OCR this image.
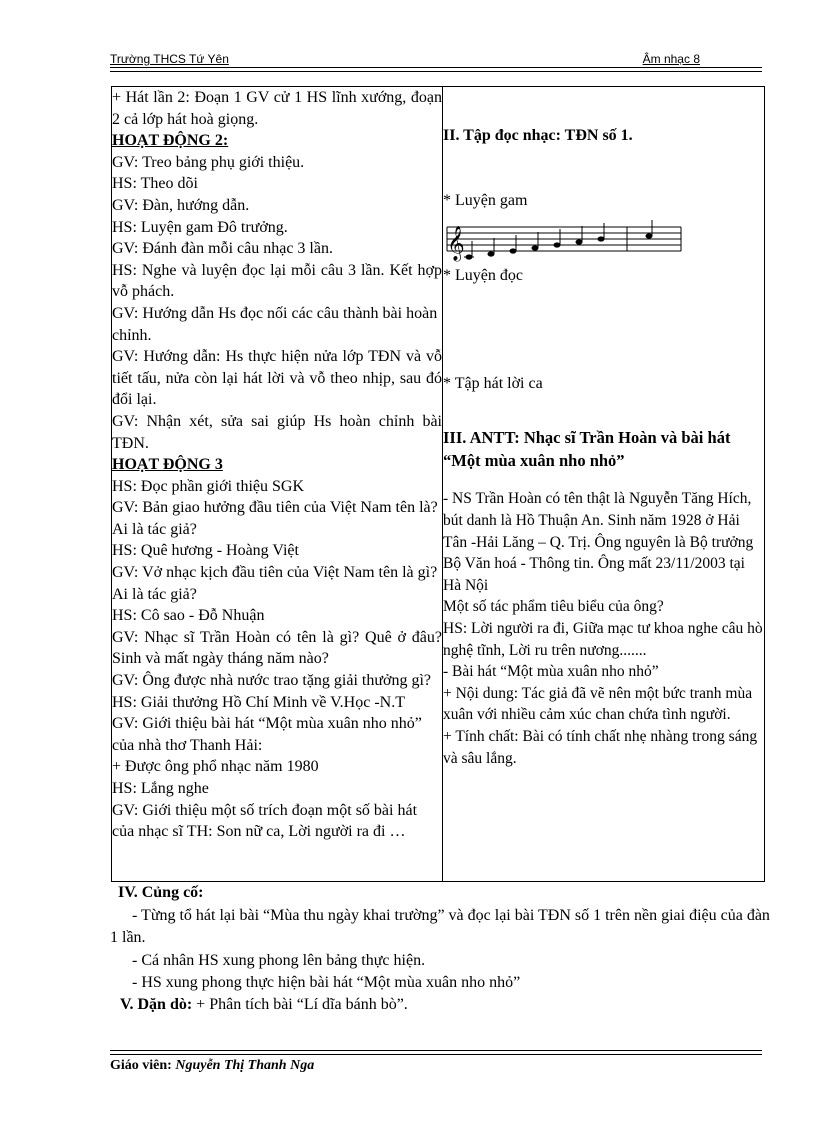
Trường THCS Tứ Yên	Âm nhạc 8
+ Hát lần 2: Đoạn 1 GV cử 1 HS lĩnh xướng, đoạn 2 cả lớp hát hoà giọng.
HOẠT ĐỘNG 2:
GV: Treo bảng phụ giới thiệu.
HS: Theo dõi
GV: Đàn, hướng dẫn.
HS: Luyện gam Đô trưởng.
GV: Đánh đàn mỗi câu nhạc 3 lần.
HS: Nghe và luyện đọc lại mỗi câu 3 lần. Kết hợp vỗ phách.
GV: Hướng dẫn Hs đọc nối các câu thành bài hoàn chỉnh.
GV: Hướng dẫn: Hs thực hiện nửa lớp TĐN và vỗ tiết tấu, nửa còn lại hát lời và vỗ theo nhịp, sau đó đổi lại.
GV: Nhận xét, sửa sai giúp Hs hoàn chỉnh bài TĐN.
HOẠT ĐỘNG 3
HS: Đọc phần giới thiệu SGK
GV: Bản giao hưởng đầu tiên của Việt Nam tên là? Ai là tác giả?
HS: Quê hương - Hoàng Việt
GV: Vở nhạc kịch đầu tiên của Việt Nam tên là gì? Ai là tác giả?
HS: Cô sao - Đỗ Nhuận
GV: Nhạc sĩ Trần Hoàn có tên là gì? Quê ở đâu? Sinh và mất ngày tháng năm nào?
GV: Ông được nhà nước trao tặng giải thưởng gì?
HS: Giải thưởng Hồ Chí Minh về V.Học -N.T
GV: Giới thiệu bài hát “Một mùa xuân nho nhỏ” của nhà thơ Thanh Hải:
+ Được ông phổ nhạc năm 1980
HS: Lắng nghe
GV: Giới thiệu một số trích đoạn một số bài hát của nhạc sĩ TH: Son nữ ca, Lời người ra đi …

II. Tập đọc nhạc: TĐN số 1.
* Luyện gam
𝄞
* Luyện đọc
* Tập hát lời ca
III. ANTT: Nhạc sĩ Trần Hoàn và bài hát “Một mùa xuân nho nhỏ”
- NS Trần Hoàn có tên thật là Nguyễn Tăng Hích, bút danh là Hồ Thuận An. Sinh năm 1928 ở Hải Tân -Hải Lăng – Q. Trị. Ông nguyên là Bộ trưởng Bộ Văn hoá - Thông tin. Ông mất 23/11/2003 tại Hà Nội
Một số tác phẩm tiêu biểu của ông?
HS: Lời người ra đi, Giữa mạc tư khoa nghe câu hò nghệ tĩnh, Lời ru trên nương.......
- Bài hát “Một mùa xuân nho nhỏ”
+ Nội dung: Tác giả đã vẽ nên một bức tranh mùa xuân với nhiều cảm xúc chan chứa tình người.
+ Tính chất: Bài có tính chất nhẹ nhàng trong sáng và sâu lắng.
IV. Củng cố:
- Từng tổ hát lại bài “Mùa thu ngày khai trường” và đọc lại bài TĐN số 1 trên nền giai điệu của đàn 1 lần.
- Cá nhân HS xung phong lên bảng thực hiện.
- HS xung phong thực hiện bài hát “Một mùa xuân nho nhỏ”
V. Dặn dò: + Phân tích bài “Lí dĩa bánh bò”.
Giáo viên: Nguyễn Thị Thanh Nga
